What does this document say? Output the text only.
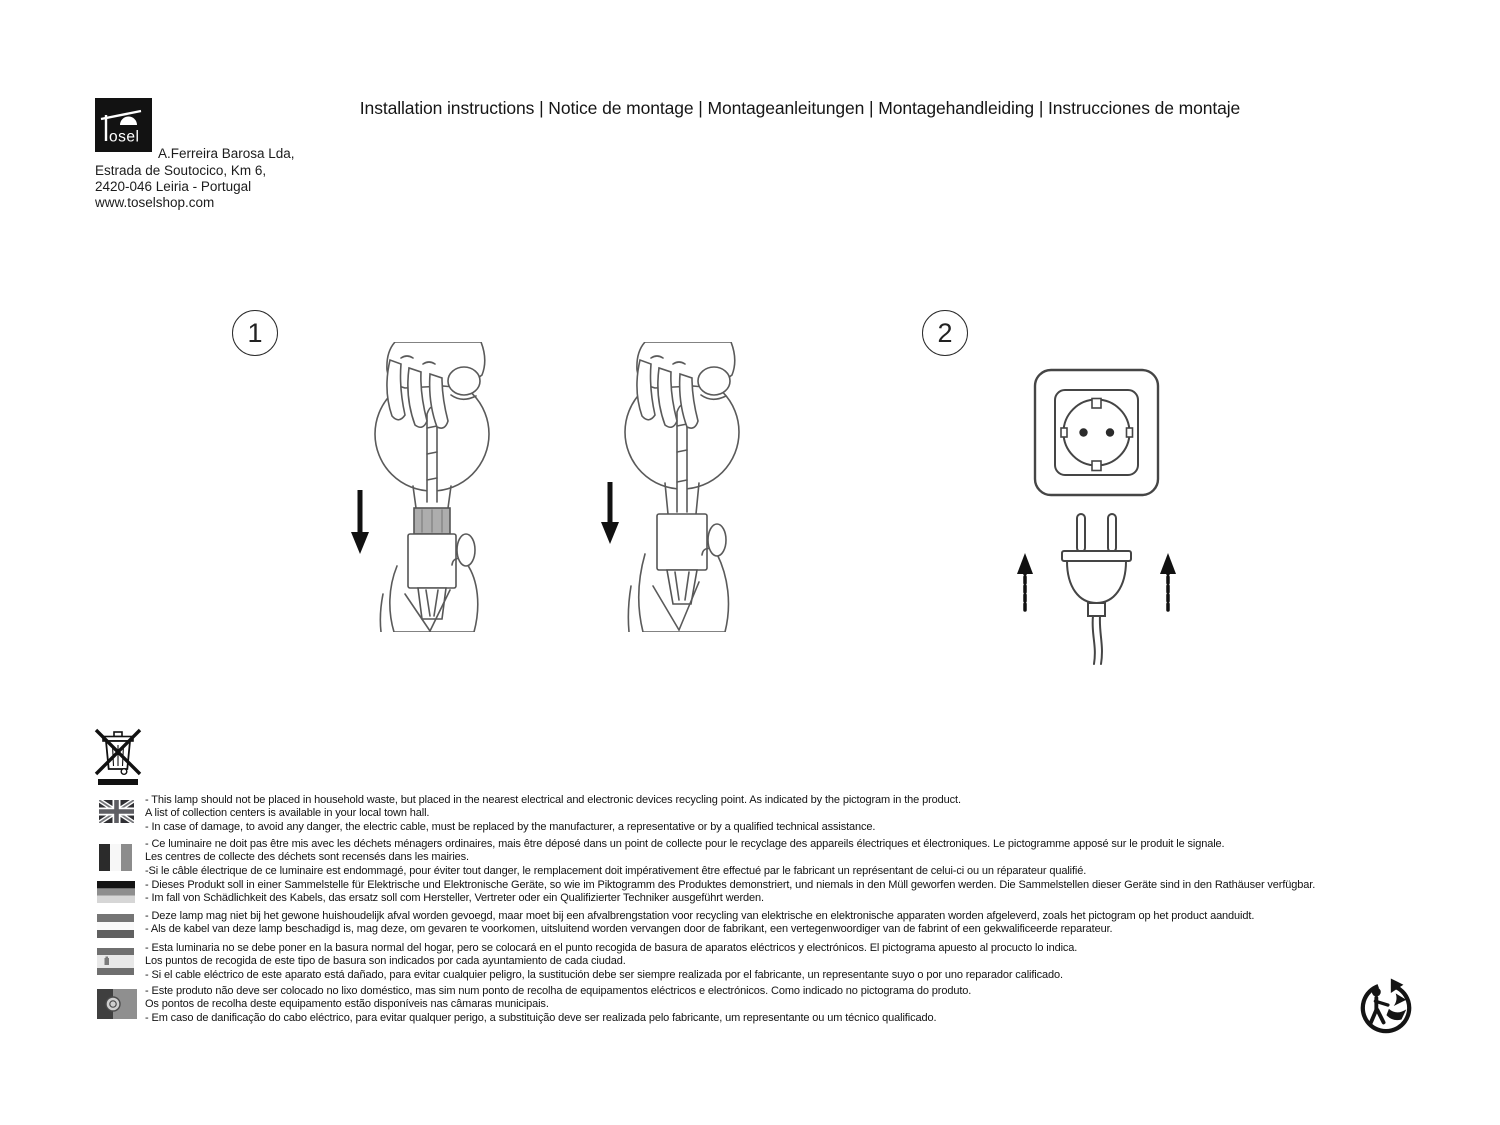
osel
A.Ferreira Barosa Lda,
Estrada de Soutocico, Km 6,
2420-046 Leiria - Portugal
www.toselshop.com
Installation instructions | Notice de montage | Montageanleitungen | Montagehandleiding | Instrucciones de montaje
1	2
- This lamp should not be placed in household waste, but placed in the nearest electrical and electronic devices recycling point. As indicated by the pictogram in the product.
A list of collection centers is available in your local town hall.
- In case of damage, to avoid any danger, the electric cable, must be replaced by the manufacturer, a representative or by a qualified technical assistance.
- Ce luminaire ne doit pas être mis avec les déchets ménagers ordinaires, mais être déposé dans un point de collecte pour le recyclage des appareils électriques et électroniques. Le pictogramme apposé sur le produit le signale.
Les centres de collecte des déchets sont recensés dans les mairies.
-Si le câble électrique de ce luminaire est endommagé, pour éviter tout danger, le remplacement doit impérativement être effectué par le fabricant un représentant de celui-ci ou un réparateur qualifié.
- Dieses Produkt soll in einer Sammelstelle für Elektrische und Elektronische Geräte, so wie im Piktogramm des Produktes demonstriert, und niemals in den Müll geworfen werden. Die Sammelstellen dieser Geräte sind in den Rathäuser verfügbar.
- Im fall von Schädlichkeit des Kabels, das ersatz soll com Hersteller, Vertreter oder ein Qualifizierter Techniker ausgeführt werden.
- Deze lamp mag niet bij het gewone huishoudelijk afval worden gevoegd, maar moet bij een afvalbrengstation voor recycling van elektrische en elektronische apparaten worden afgeleverd, zoals het pictogram op het product aanduidt.
- Als de kabel van deze lamp beschadigd is, mag deze, om gevaren te voorkomen, uitsluitend worden vervangen door de fabrikant, een vertegenwoordiger van de fabrint of een gekwalificeerde reparateur.
- Esta luminaria no se debe poner en la basura normal del hogar, pero se colocará en el punto recogida de basura de aparatos eléctricos y electrónicos. El pictograma apuesto al procucto lo indica.
Los puntos de recogida de este tipo de basura son indicados por cada ayuntamiento de cada ciudad.
- Si el cable eléctrico de este aparato está dañado, para evitar cualquier peligro, la sustitución debe ser siempre realizada por el fabricante, un representante suyo o por uno reparador calificado.
- Este produto não deve ser colocado no lixo doméstico, mas sim num ponto de recolha de equipamentos eléctricos e electrónicos. Como indicado no pictograma do produto.
Os pontos de recolha deste equipamento estão disponíveis nas câmaras municipais.
- Em caso de danificação do cabo eléctrico, para evitar qualquer perigo, a substituição deve ser realizada pelo fabricante, um representante ou um técnico qualificado.
